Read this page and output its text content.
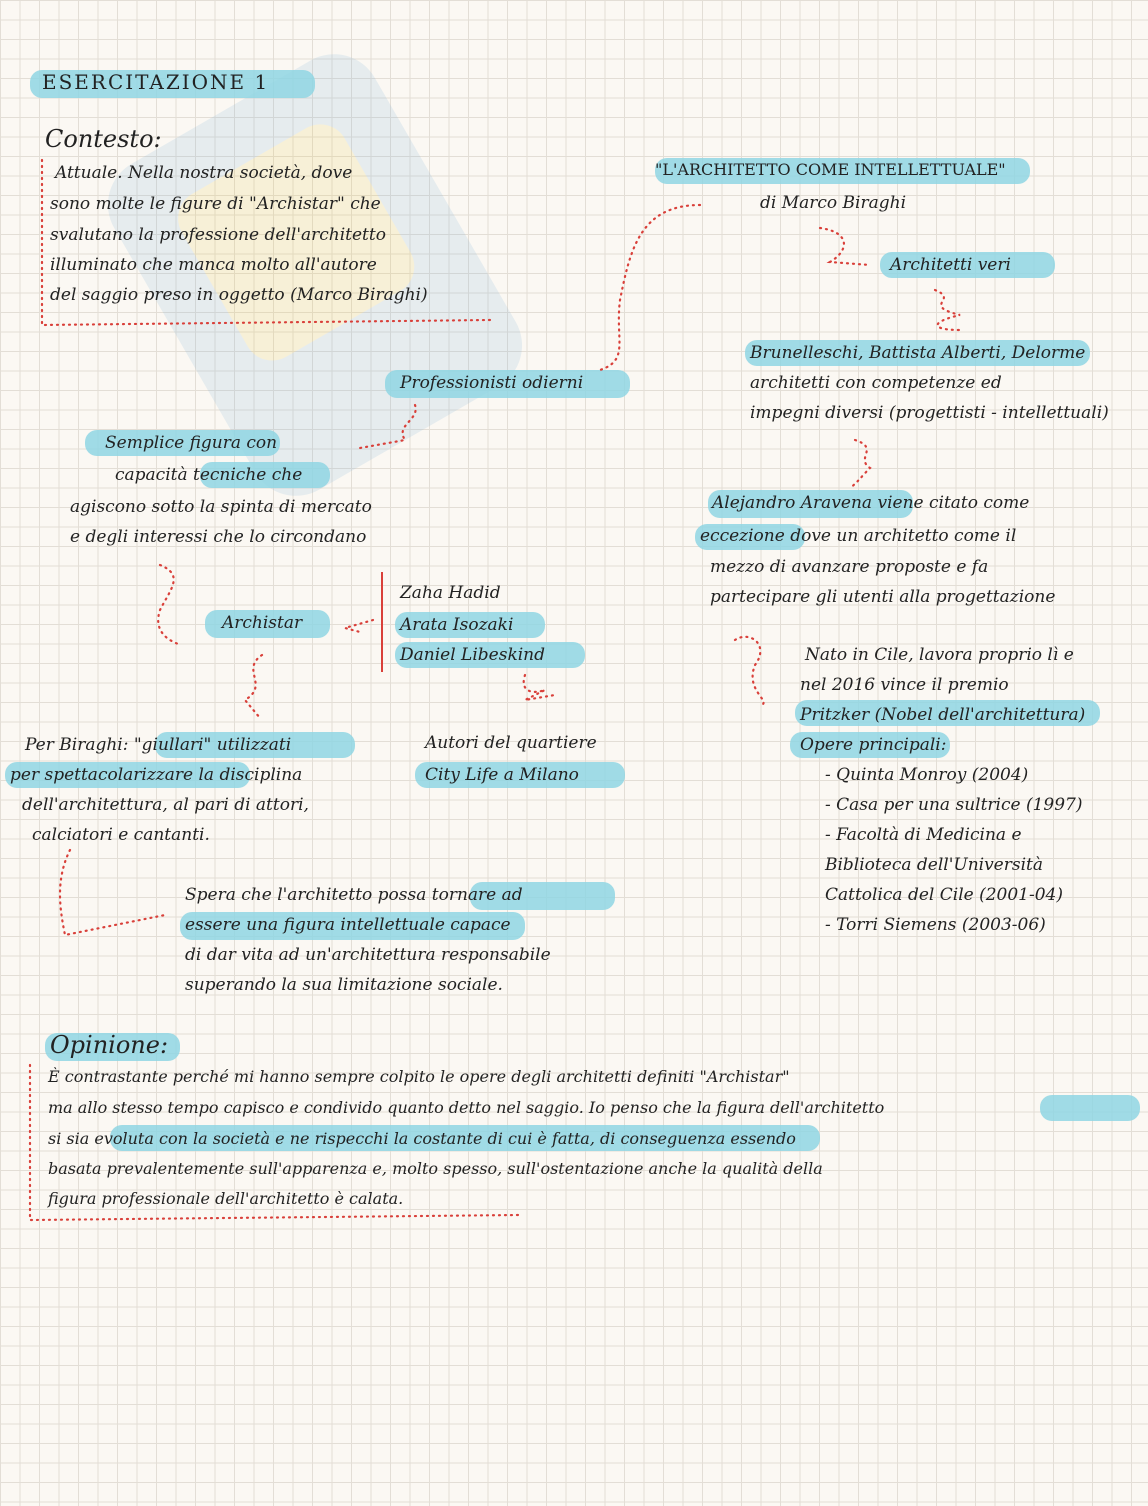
ESERCITAZIONE 1
Contesto:
Attuale. Nella nostra società, dove
sono molte le figure di "Archistar" che
svalutano la professione dell'architetto
illuminato che manca molto all'autore
del saggio preso in oggetto (Marco Biraghi)
"L'ARCHITETTO COME INTELLETTUALE"
di Marco Biraghi
Architetti veri
Brunelleschi, Battista Alberti, Delorme
architetti con competenze ed
impegni diversi (progettisti - intellettuali)
Professionisti odierni
Semplice figura con
capacità tecniche che
agiscono sotto la spinta di mercato
e degli interessi che lo circondano
Alejandro Aravena viene citato come
eccezione dove un architetto come il
mezzo di avanzare proposte e fa
partecipare gli utenti alla progettazione
Nato in Cile, lavora proprio lì e
nel 2016 vince il premio
Pritzker (Nobel dell'architettura)
Opere principali:
- Quinta Monroy (2004)
- Casa per una sultrice (1997)
- Facoltà di Medicina e
Biblioteca dell'Università
Cattolica del Cile (2001-04)
- Torri Siemens (2003-06)
Archistar
Zaha Hadid
Arata Isozaki
Daniel Libeskind
Autori del quartiere
City Life a Milano
Per Biraghi: "giullari" utilizzati
per spettacolarizzare la disciplina
dell'architettura, al pari di attori,
calciatori e cantanti.
Spera che l'architetto possa tornare ad
essere una figura intellettuale capace
di dar vita ad un'architettura responsabile
superando la sua limitazione sociale.
Opinione:
È contrastante perché mi hanno sempre colpito le opere degli architetti definiti "Archistar"
ma allo stesso tempo capisco e condivido quanto detto nel saggio. Io penso che la figura dell'architetto
si sia evoluta con la società e ne rispecchi la costante di cui è fatta, di conseguenza essendo
basata prevalentemente sull'apparenza e, molto spesso, sull'ostentazione anche la qualità della
figura professionale dell'architetto è calata.
